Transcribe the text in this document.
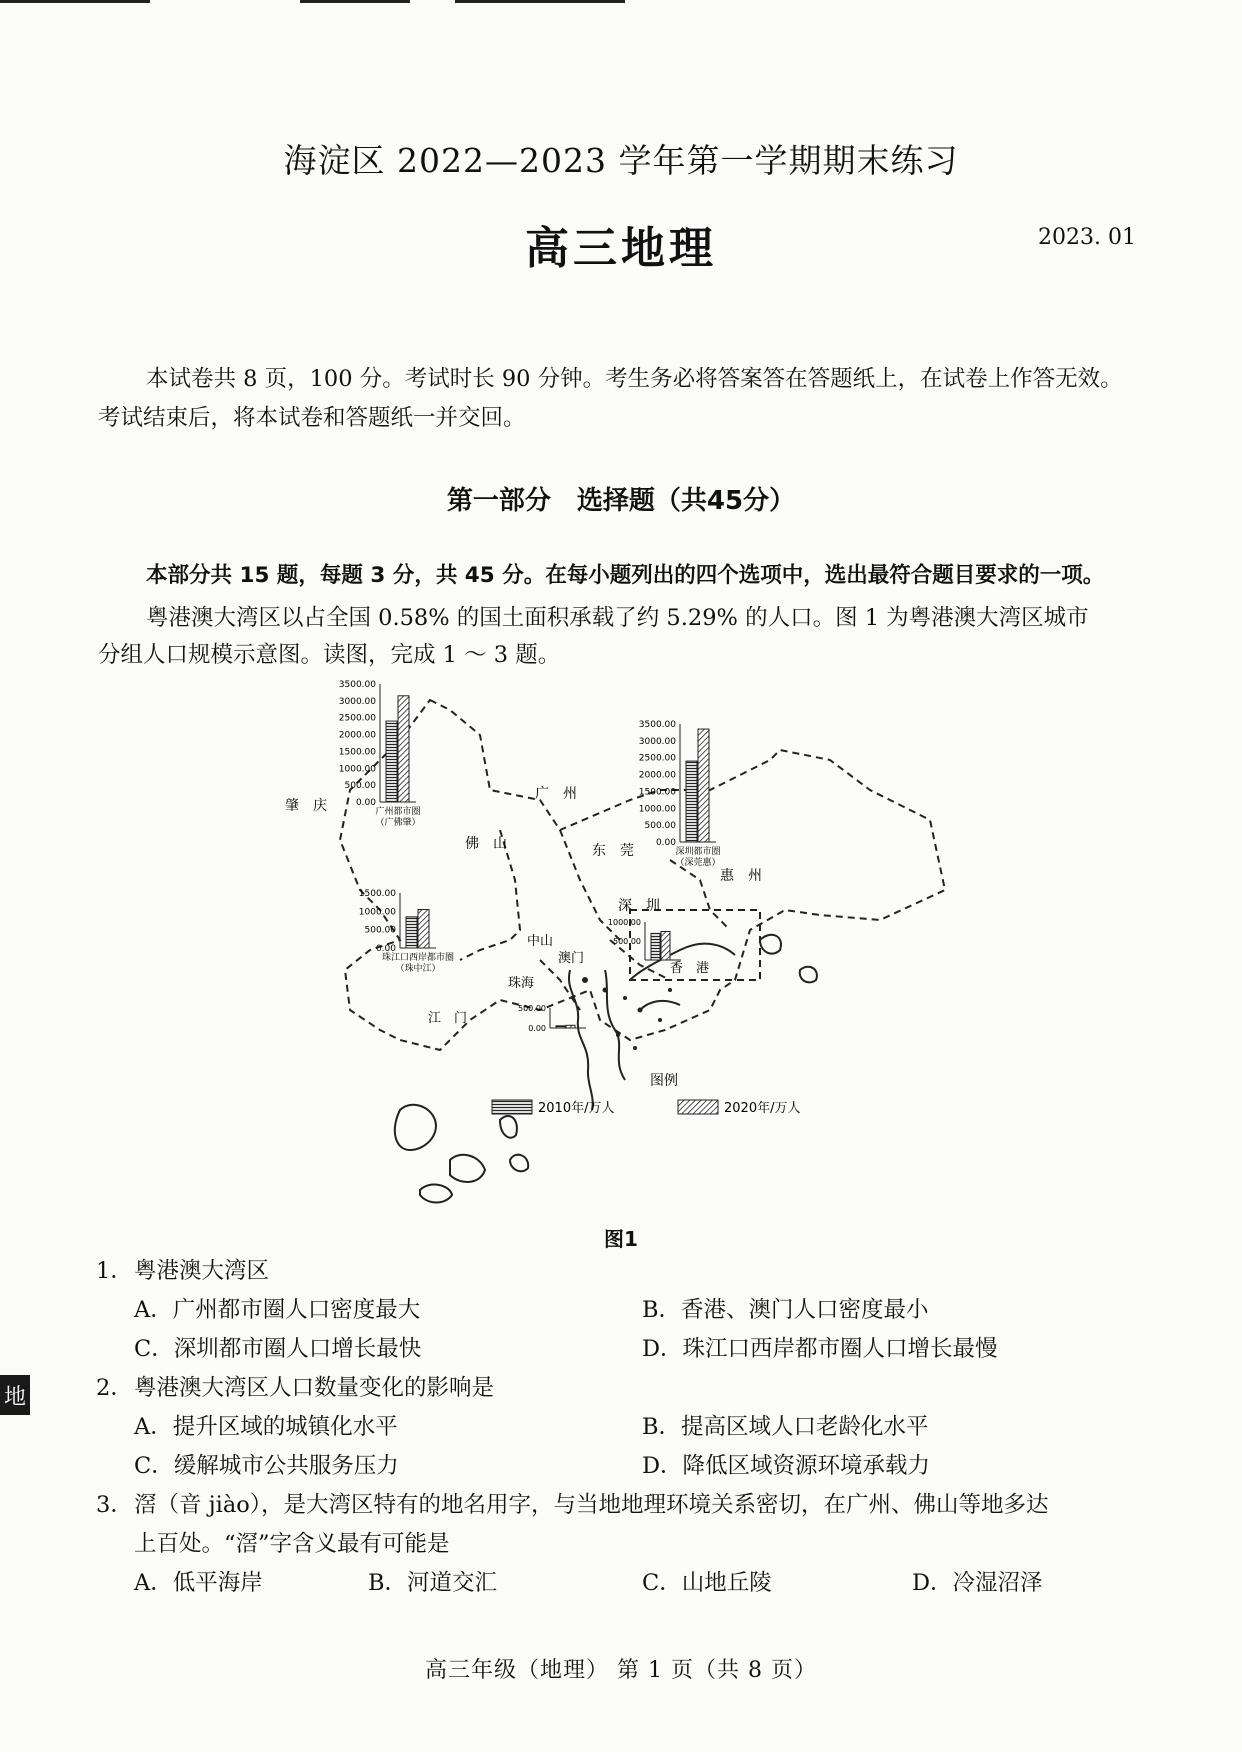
海淀区 2022—2023 学年第一学期期末练习
高三地理	2023. 01
本试卷共 8 页，100 分。考试时长 90 分钟。考生务必将答案答在答题纸上，在试卷上作答无效。
考试结束后，将本试卷和答题纸一并交回。
第一部分　选择题（共45分）
本部分共 15 题，每题 3 分，共 45 分。在每小题列出的四个选项中，选出最符合题目要求的一项。
粤港澳大湾区以占全国 0.58% 的国土面积承载了约 5.29% 的人口。图 1 为粤港澳大湾区城市
分组人口规模示意图。读图，完成 1 ～ 3 题。
肇　庆
广　州
佛　山	东　莞
惠　州
深　圳
中山
澳门
珠海
江　门
香　港
3500.00
3000.00
2500.00
2000.00
1500.00
1000.00
500.00
0.00
广州都市圈
（广佛肇）
3500.00
3000.00
2500.00
2000.00
1500.00
1000.00
500.00
0.00
深圳都市圈
（深莞惠）
1500.00
1000.00
500.00
0.00
珠江口西岸都市圈
（珠中江）
1000.00
500.00
500.00
0.00
图例
2010年/万人	2020年/万人
图1
1． 粤港澳大湾区
A．广州都市圈人口密度最大	B．香港、澳门人口密度最小
C．深圳都市圈人口增长最快	D．珠江口西岸都市圈人口增长最慢
地	2． 粤港澳大湾区人口数量变化的影响是
A．提升区域的城镇化水平	B．提高区域人口老龄化水平
C．缓解城市公共服务压力	D．降低区域资源环境承载力
3． 滘（音 jiào），是大湾区特有的地名用字，与当地地理环境关系密切，在广州、佛山等地多达
上百处。“滘”字含义最有可能是
A．低平海岸	B．河道交汇	C．山地丘陵	D．冷湿沼泽
高三年级（地理） 第 1 页（共 8 页）
